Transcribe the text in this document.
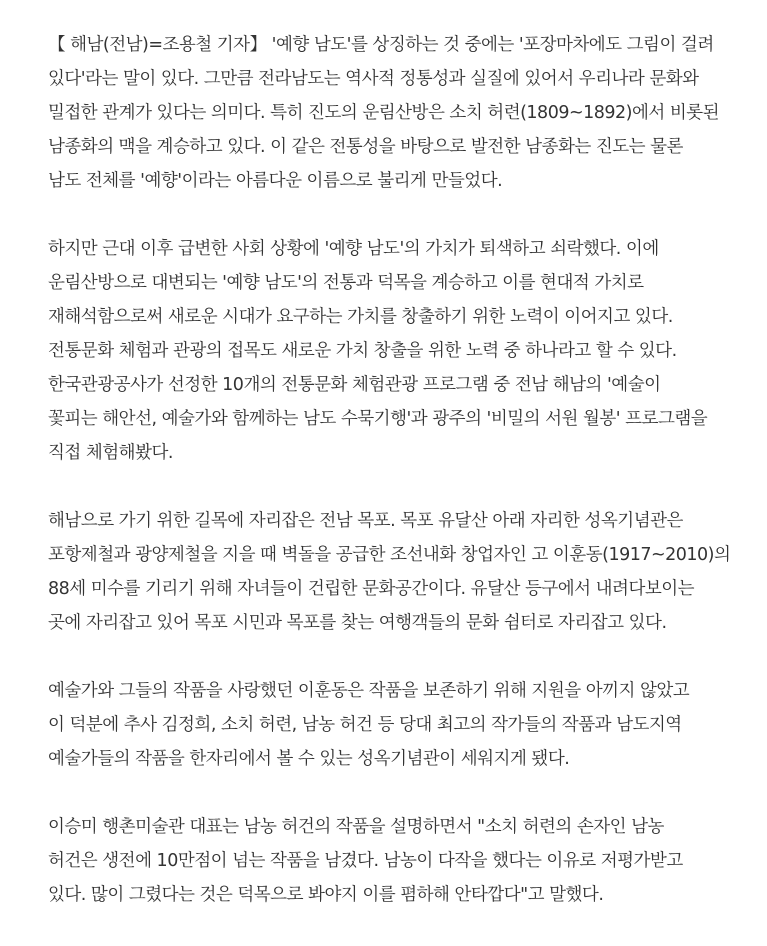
【 해남(전남)=조용철 기자】 '예향 남도'를 상징하는 것 중에는 '포장마차에도 그림이 걸려
있다'라는 말이 있다. 그만큼 전라남도는 역사적 정통성과 실질에 있어서 우리나라 문화와
밀접한 관계가 있다는 의미다. 특히 진도의 운림산방은 소치 허련(1809~1892)에서 비롯된
남종화의 맥을 계승하고 있다. 이 같은 전통성을 바탕으로 발전한 남종화는 진도는 물론
남도 전체를 '예향'이라는 아름다운 이름으로 불리게 만들었다.
하지만 근대 이후 급변한 사회 상황에 '예향 남도'의 가치가 퇴색하고 쇠락했다. 이에
운림산방으로 대변되는 '예향 남도'의 전통과 덕목을 계승하고 이를 현대적 가치로
재해석함으로써 새로운 시대가 요구하는 가치를 창출하기 위한 노력이 이어지고 있다.
전통문화 체험과 관광의 접목도 새로운 가치 창출을 위한 노력 중 하나라고 할 수 있다.
한국관광공사가 선정한 10개의 전통문화 체험관광 프로그램 중 전남 해남의 '예술이
꽃피는 해안선, 예술가와 함께하는 남도 수묵기행'과 광주의 '비밀의 서원 월봉' 프로그램을
직접 체험해봤다.
해남으로 가기 위한 길목에 자리잡은 전남 목포. 목포 유달산 아래 자리한 성옥기념관은
포항제철과 광양제철을 지을 때 벽돌을 공급한 조선내화 창업자인 고 이훈동(1917~2010)의
88세 미수를 기리기 위해 자녀들이 건립한 문화공간이다. 유달산 등구에서 내려다보이는
곳에 자리잡고 있어 목포 시민과 목포를 찾는 여행객들의 문화 쉼터로 자리잡고 있다.
예술가와 그들의 작품을 사랑했던 이훈동은 작품을 보존하기 위해 지원을 아끼지 않았고
이 덕분에 추사 김정희, 소치 허련, 남농 허건 등 당대 최고의 작가들의 작품과 남도지역
예술가들의 작품을 한자리에서 볼 수 있는 성옥기념관이 세워지게 됐다.
이승미 행촌미술관 대표는 남농 허건의 작품을 설명하면서 "소치 허련의 손자인 남농
허건은 생전에 10만점이 넘는 작품을 남겼다. 남농이 다작을 했다는 이유로 저평가받고
있다. 많이 그렸다는 것은 덕목으로 봐야지 이를 폄하해 안타깝다"고 말했다.
